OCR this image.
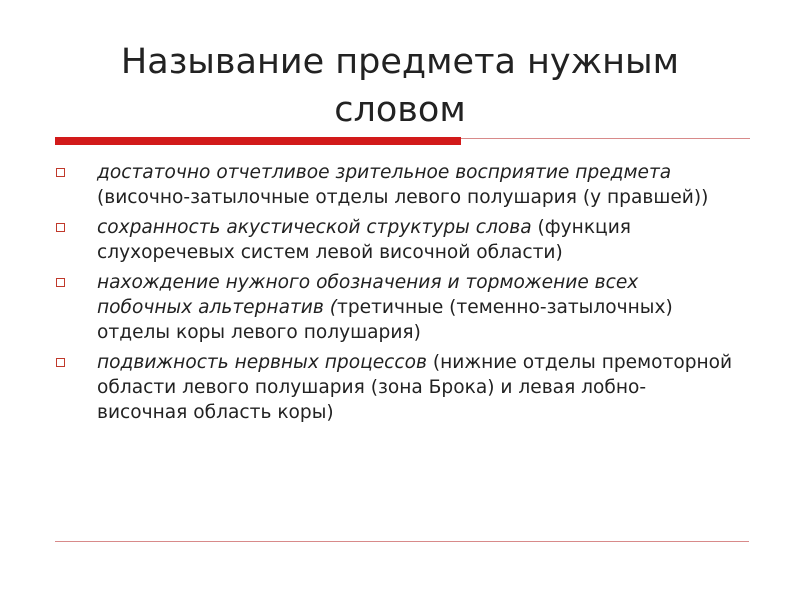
Называние предмета нужным
словом
достаточно отчетливое зрительное восприятие предмета (височно-затылочные отделы левого полушария (у правшей))
сохранность акустической структуры слова (функция слухоречевых систем левой височной области)
нахождение нужного обозначения и торможение всех побочных альтернатив (третичные (теменно-затылочных) отделы коры левого полушария)
подвижность нервных процессов (нижние отделы премоторной области левого полушария (зона Брока) и левая лобно-височная область коры)
